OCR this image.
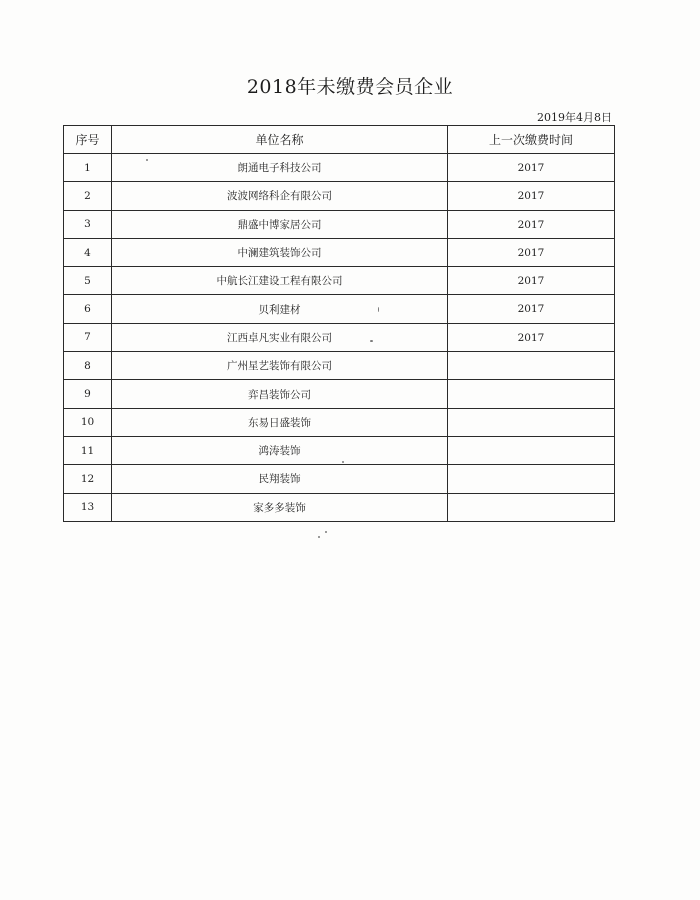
2018年未缴费会员企业
2019年4月8日
序号	单位名称	上一次缴费时间
1	朗通电子科技公司	2017
2	波波网络科企有限公司	2017
3	鼎盛中博家居公司	2017
4	中澜建筑装饰公司	2017
5	中航长江建设工程有限公司	2017
6	贝利建材	2017
7	江西卓凡实业有限公司	2017
8	广州星艺装饰有限公司	
9	弈昌装饰公司	
10	东易日盛装饰	
11	鸿涛装饰	
12	民翔装饰	
13	家多多装饰	
